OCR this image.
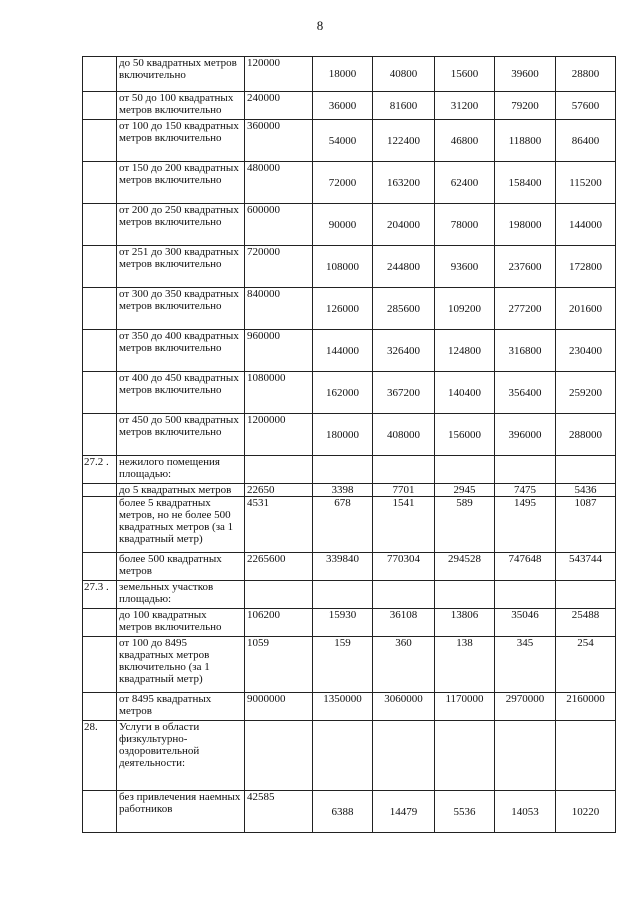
8
	до 50 квадратных метров включительно	120000	18000	40800	15600	39600	28800
	от 50 до 100 квадратных метров включительно	240000	36000	81600	31200	79200	57600
	от 100 до 150 квадратных метров включительно	360000	54000	122400	46800	118800	86400
	от 150 до 200 квадратных метров включительно	480000	72000	163200	62400	158400	115200
	от 200 до 250 квадратных метров включительно	600000	90000	204000	78000	198000	144000
	от 251 до 300 квадратных метров включительно	720000	108000	244800	93600	237600	172800
	от 300 до 350 квадратных метров включительно	840000	126000	285600	109200	277200	201600
	от 350 до 400 квадратных метров включительно	960000	144000	326400	124800	316800	230400
	от 400 до 450 квадратных метров включительно	1080000	162000	367200	140400	356400	259200
	от 450 до 500 квадратных метров включительно	1200000	180000	408000	156000	396000	288000
27.2 .	нежилого помещения площадью:						
	до 5 квадратных метров	22650	3398	7701	2945	7475	5436
	более 5 квадратных метров, но не более 500 квадратных метров (за 1 квадратный метр)	4531	678	1541	589	1495	1087
	более 500 квадратных метров	2265600	339840	770304	294528	747648	543744
27.3 .	земельных участков площадью:						
	до 100 квадратных метров включительно	106200	15930	36108	13806	35046	25488
	от 100 до 8495 квадратных метров включительно (за 1 квадратный метр)	1059	159	360	138	345	254
	от 8495 квадратных метров	9000000	1350000	3060000	1170000	2970000	2160000
28.	Услуги в области физкультурно-оздоровительной деятельности:						
	без привлечения наемных работников	42585	6388	14479	5536	14053	10220
